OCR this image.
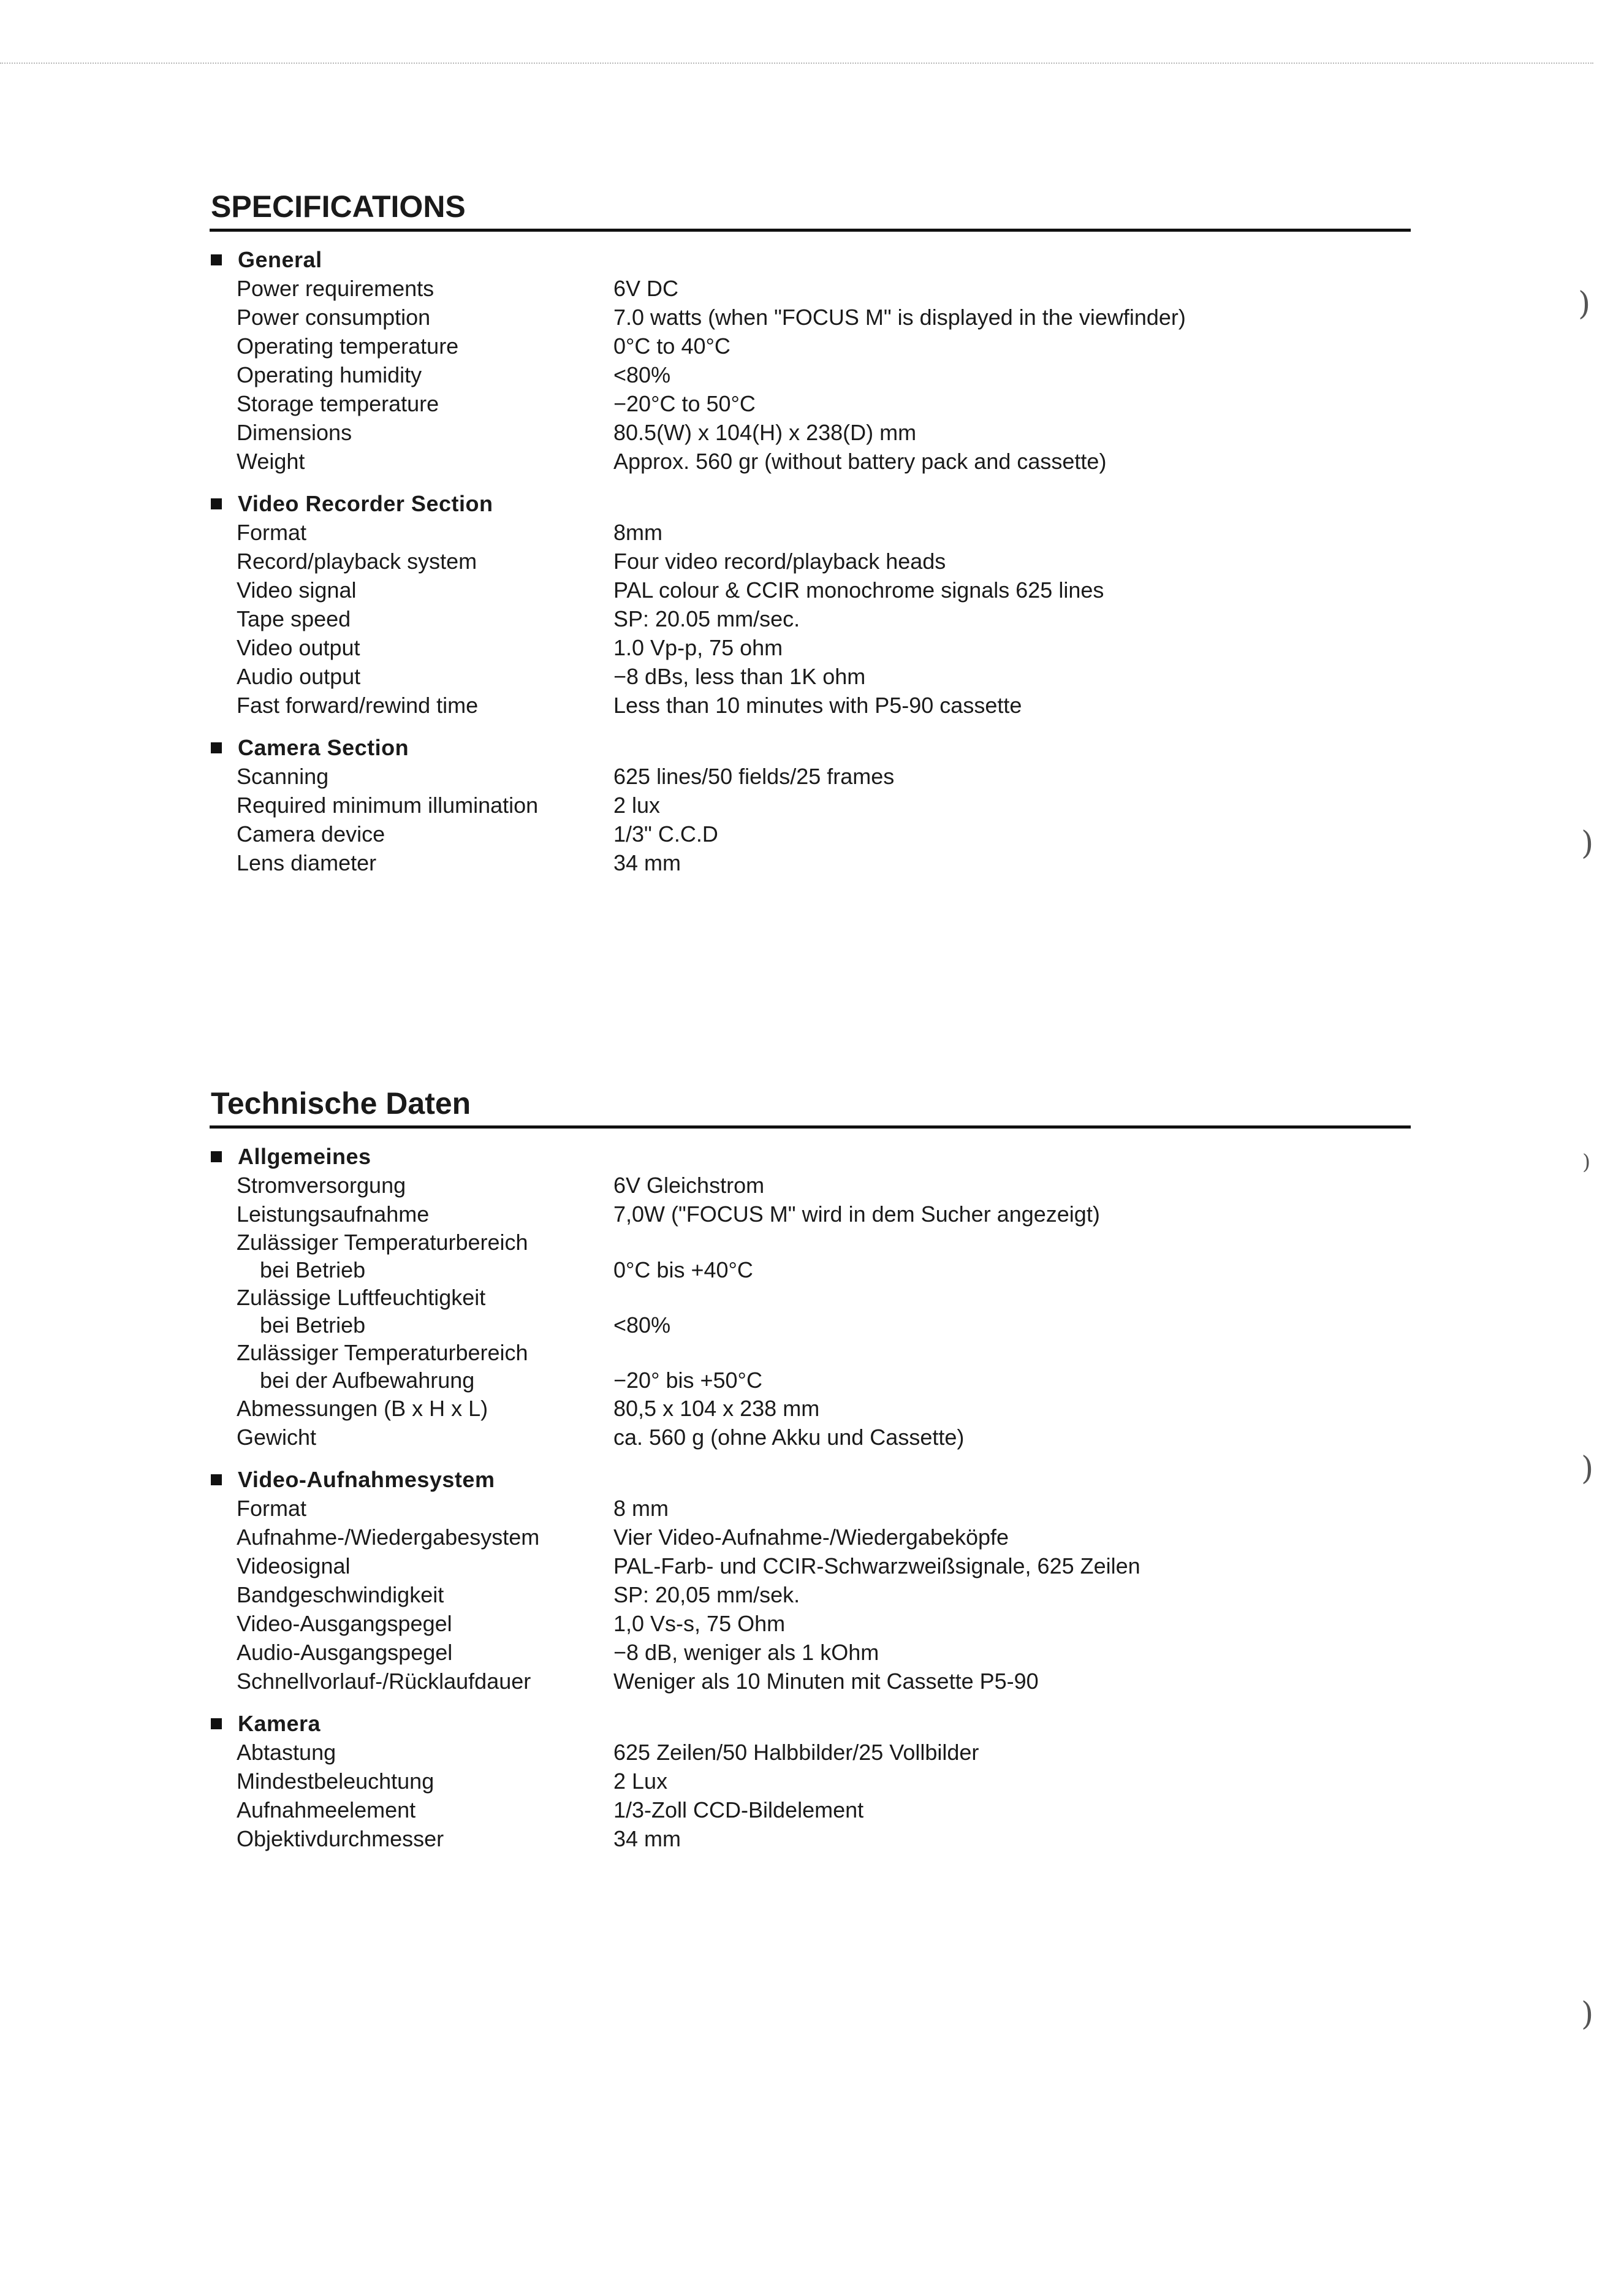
SPECIFICATIONS
General
Power requirements	6V DC
Power consumption	7.0 watts (when "FOCUS M" is displayed in the viewfinder)
Operating temperature	0°C to 40°C
Operating humidity	<80%
Storage temperature	−20°C to 50°C
Dimensions	80.5(W) x 104(H) x 238(D) mm
Weight	Approx. 560 gr (without battery pack and cassette)
Video Recorder Section
Format	8mm
Record/playback system	Four video record/playback heads
Video signal	PAL colour & CCIR monochrome signals 625 lines
Tape speed	SP: 20.05 mm/sec.
Video output	1.0 Vp-p, 75 ohm
Audio output	−8 dBs, less than 1K ohm
Fast forward/rewind time	Less than 10 minutes with P5-90 cassette
Camera Section
Scanning	625 lines/50 fields/25 frames
Required minimum illumination	2 lux
Camera device	1/3" C.C.D
Lens diameter	34 mm
Technische Daten
Allgemeines
Stromversorgung	6V Gleichstrom
Leistungsaufnahme	7,0W ("FOCUS M" wird in dem Sucher angezeigt)
Zulässiger Temperaturbereich
bei Betrieb	0°C bis +40°C
Zulässige Luftfeuchtigkeit
bei Betrieb	<80%
Zulässiger Temperaturbereich
bei der Aufbewahrung	−20° bis +50°C
Abmessungen (B x H x L)	80,5 x 104 x 238 mm
Gewicht	ca. 560 g (ohne Akku und Cassette)
Video-Aufnahmesystem
Format	8 mm
Aufnahme-/Wiedergabesystem	Vier Video-Aufnahme-/Wiedergabeköpfe
Videosignal	PAL-Farb- und CCIR-Schwarzweißsignale, 625 Zeilen
Bandgeschwindigkeit	SP: 20,05 mm/sek.
Video-Ausgangspegel	1,0 Vs-s, 75 Ohm
Audio-Ausgangspegel	−8 dB, weniger als 1 kOhm
Schnellvorlauf-/Rücklaufdauer	Weniger als 10 Minuten mit Cassette P5-90
Kamera
Abtastung	625 Zeilen/50 Halbbilder/25 Vollbilder
Mindestbeleuchtung	2 Lux
Aufnahmeelement	1/3-Zoll CCD-Bildelement
Objektivdurchmesser	34 mm
)
)
)
)
)
